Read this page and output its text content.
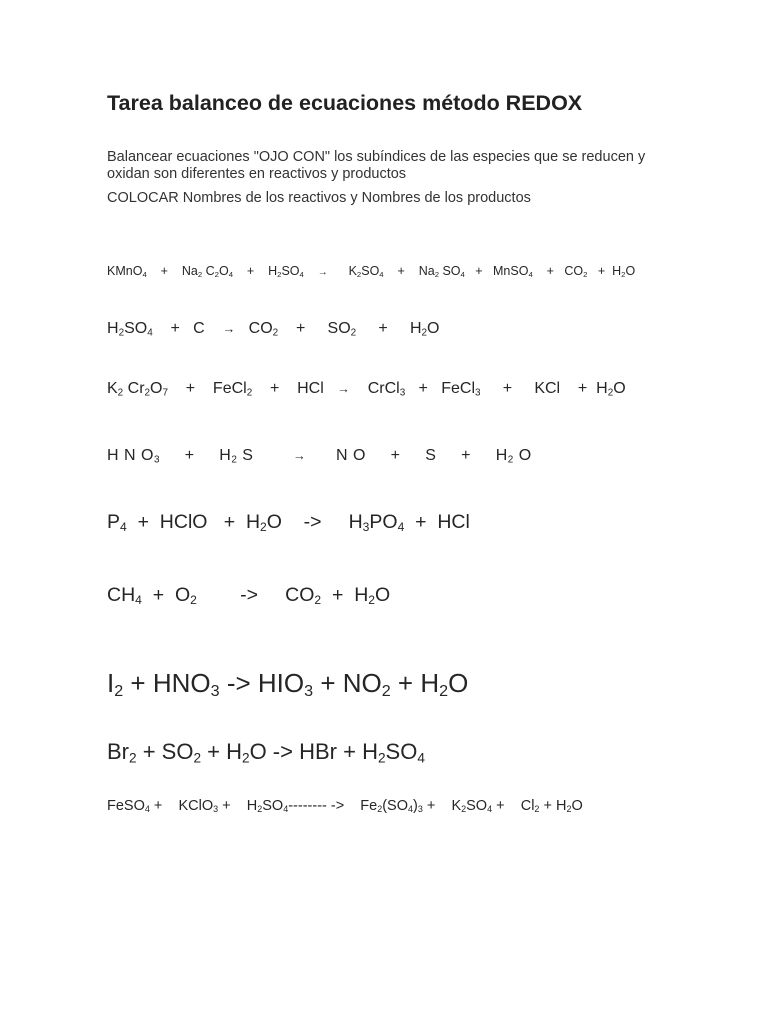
Tarea balanceo de ecuaciones método REDOX
Balancear ecuaciones "OJO CON" los subíndices de las especies que se reducen y oxidan son diferentes en reactivos y productos
COLOCAR Nombres de los reactivos y Nombres de los productos
KMnO$_4$    +    $Na_2$ $C_2O_4$    +    $H_2SO_4 \to K_2SO_4$    +    $Na_2$ $SO_4$   +   MnSO$_4$    +   $CO_2 + H_2O$
$H_2SO_4$    +   C    → $CO_2$    +     $SO_2$     +     $H_2O$
$K_2$ $Cr_2O_7$    +    FeCl$_2$    +    HCl   → CrCl$_3$   +   FeCl$_3$     +     KCl    +  $H_2O$
H N $O_3$     +     $H_2$ S        →      N O     +     S     +     $H_2$ O
$P_4$  +  HClO   +  $H_2O$    ->     $H_3PO_4$  +  HCl
$CH_4 + O_2$        ->     $CO_2 + H_2O$
$I_2 + HNO_3 -> HIO_3 + NO_2 + H_2O$
$Br_2 + SO_2 + H_2O$ -> HBr + $H_2SO_4$
FeSO$_4$ +    KClO$_3$ +    $H_2SO_4--------$ ->    $Fe_2(SO_4)_3$ +    $K_2SO_4$ +    $Cl_2 + H_2O$
